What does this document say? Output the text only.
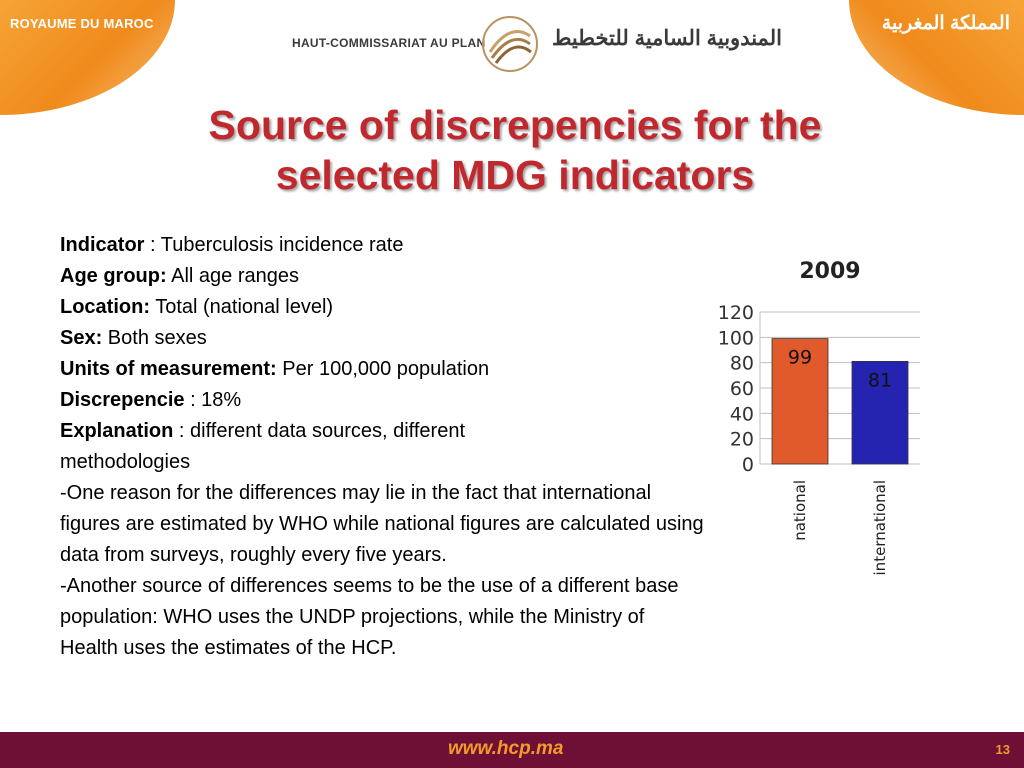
ROYAUME DU MAROC	المملكة المغربية
HAUT-COMMISSARIAT AU PLAN	المندوبية السامية للتخطيط
Source of discrepencies for the
selected MDG indicators
Indicator : Tuberculosis incidence rate
Age group: All age ranges
Location: Total (national level)
Sex: Both sexes
Units of measurement: Per 100,000 population
Discrepencie : 18%
Explanation : different data sources, different methodologies
-One reason for the differences may lie in the fact that international figures are estimated by WHO while national figures are calculated using data from surveys, roughly every five years.
-Another source of differences seems to be the use of a different base population: WHO uses the UNDP projections, while the Ministry of Health uses the estimates of the HCP.
2009
0
20
40
60
80
100
120
99
national
81
international
www.hcp.ma	13
